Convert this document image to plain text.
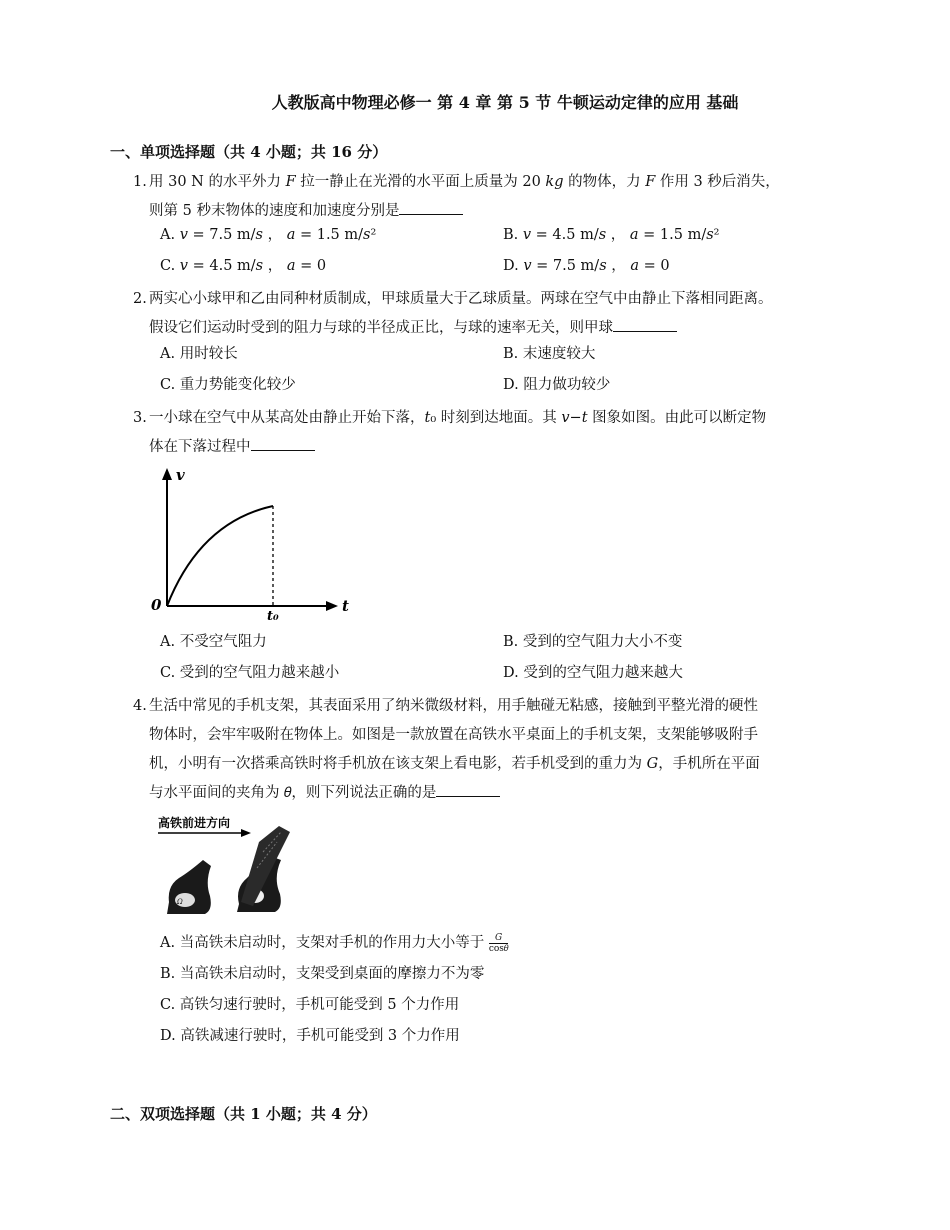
人教版高中物理必修一 第 4 章 第 5 节 牛顿运动定律的应用 基础
一、单项选择题（共 4 小题；共 16 分）
1. 用 30 N 的水平外力 𝐹 拉一静止在光滑的水平面上质量为 20 𝑘𝑔 的物体，力 𝐹 作用 3 秒后消失，
则第 5 秒末物体的速度和加速度分别是
A. 𝑣 = 7.5 m/𝑠 ， 𝑎 = 1.5 m/𝑠²	B. 𝑣 = 4.5 m/𝑠 ， 𝑎 = 1.5 m/𝑠²
C. 𝑣 = 4.5 m/𝑠 ， 𝑎 = 0	D. 𝑣 = 7.5 m/𝑠 ， 𝑎 = 0
2. 两实心小球甲和乙由同种材质制成，甲球质量大于乙球质量。两球在空气中由静止下落相同距离。
假设它们运动时受到的阻力与球的半径成正比，与球的速率无关，则甲球
A. 用时较长	B. 末速度较大
C. 重力势能变化较少	D. 阻力做功较少
3. 一小球在空气中从某高处由静止开始下落，𝑡₀ 时刻到达地面。其 𝑣−𝑡 图象如图。由此可以断定物
体在下落过程中
v
t
0
t₀
A. 不受空气阻力	B. 受到的空气阻力大小不变
C. 受到的空气阻力越来越小	D. 受到的空气阻力越来越大
4. 生活中常见的手机支架，其表面采用了纳米微级材料，用手触碰无粘感，接触到平整光滑的硬性
物体时，会牢牢吸附在物体上。如图是一款放置在高铁水平桌面上的手机支架，支架能够吸附手
机，小明有一次搭乘高铁时将手机放在该支架上看电影，若手机受到的重力为 𝐺，手机所在平面
与水平面间的夹角为 𝜃，则下列说法正确的是
高铁前进方向
Ω
A. 当高铁未启动时，支架对手机的作用力大小等于 $\frac{\text{𝐺}}{\text{cos𝜃}}$
B. 当高铁未启动时，支架受到桌面的摩擦力不为零
C. 高铁匀速行驶时，手机可能受到 5 个力作用
D. 高铁减速行驶时，手机可能受到 3 个力作用
二、双项选择题（共 1 小题；共 4 分）
